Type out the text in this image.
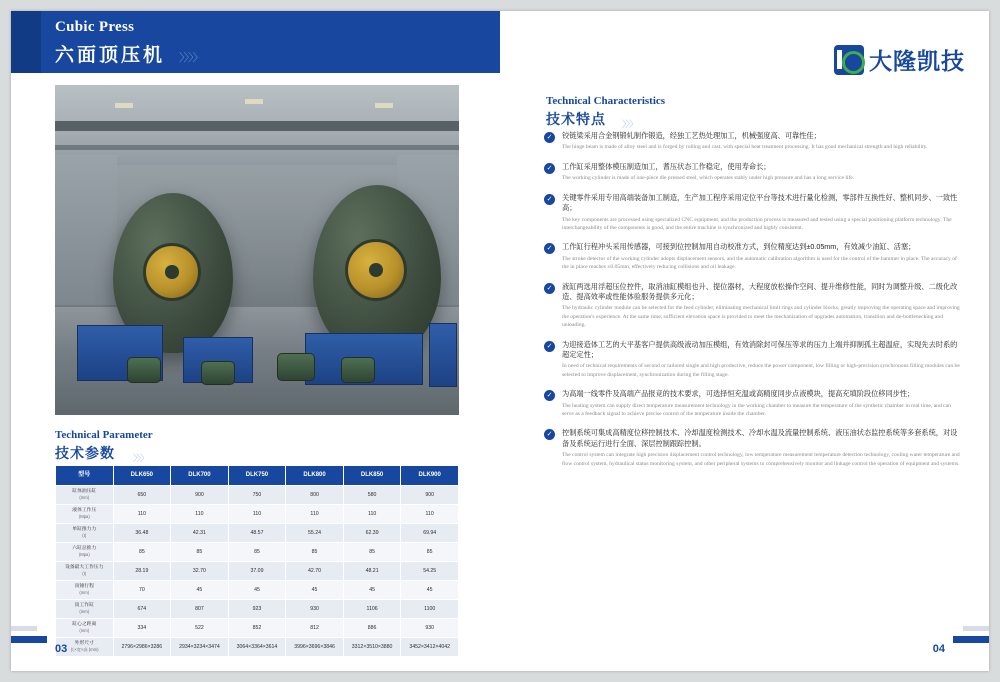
Cubic Press
六面顶压机 〉〉〉〉
Technical Parameter
技术参数 〉〉〉
型号	DLK650	DLK700	DLK750	DLK800	DLK850	DLK900

缸体油压缸
(mm)	650	900	750	800	580	900

液体工作压
(Mpa)	110	110	110	110	110	110

单缸推力力
(t)	36.48	42.31	48.57	55.24	62.39	69.94

六缸总推力
(Mpa)	85	85	85	85	85	85

设备最大工作压力
(t)	28.19	32.70	37.09	42.70	48.21	54.25

顶锤行程
(mm)	70	45	45	45	45	45

顶工作缸
(mm)	674	807	923	930	1106	1100

缸心之距离
(mm)	334	522	852	812	886	930

外形尺寸
长×宽×高 (mm)	2796×2986×3286	2934×3234×3474	3064×3364×3614	3996×3696×3846	3312×3510×3880	3452×3412×4042
03
大隆凯技
Technical Characteristics
技术特点 〉〉〉
✓	铰链梁采用合金钢锻轧制作锻造，经独工艺热处理加工，机械强度高、可靠性佳；
The hinge beam is made of alloy steel and is forged by rolling and cast, with special heat treatment processing. It has good mechanical strength and high reliability.
✓	工作缸采用整体模压制造加工，耆压状态工作稳定，使用寿命长；
The working cylinder is made of one-piece die pressed steel, which operates stably under high pressure and has a long service life.
✓	关键零件采用专用高端装备加工制造，生产加工程序采用定位平台等技术进行量化检测，零部件互换性好、整机同步、一致性高；
The key components are processed using specialized CNC equipment, and the production process is measured and tested using a special positioning platform technology. The interchangeability of the components is good, and the entire machine is synchronized and highly consistent.
✓	工作缸行程冲头采用传感器，可接到位控制加用自动校准方式，到位精度达到±0.05mm，有效减少油缸、活塞；
The stroke detector of the working cylinder adopts displacement sensors, and the automatic calibration algorithm is used for the control of the hammer in place. The accuracy of the in place reaches ±0.05mm, effectively reducing collisions and oil leakage.
✓	液缸两选用浮超压位控件，取消油缸模组也升、提位器材，大程度放松操作空间、提升维修性能，同时为调整升级、二级化改造、提高效率或性能体验服务提供多元化；
The hydraulic cylinder module can be selected for the feed cylinder, eliminating mechanical limit rings and cylinder blocks, greatly improving the operating space and improving the operation's experience. At the same time, sufficient elevation space is provided to meet the mechanization of upgrades automation, transition and de-bottlenecking and unloading.
✓	为迎接造体工艺的大平基客户提供高级液动加压模组，有效消除封可保压等求的压力上端并抑制孤主超温症，实现先去时系的超定定性；
In need of technical requirements of second or tailored single and high productive, reduce the power component, low filling or high-precision synchronous filling modules can be selected to improve displacement, synchronization during the filling stage.
✓	为高端一线零件及高端产品报竞的技术要求，可选择恒充温或高精度同步点液模块，提高充填阶段位移同步性；
The heating system can supply direct temperature measurement technology in the working chamber to measure the temperature of the synthetic chamber in real time, and can serve as a feedback signal to achieve precise control of the temperature inside the chamber.
✓	控制系统可集成高精度位移控制技术、冷却温度检测技术、冷却水温及流量控制系统、液压油状态监控系统等多套系统，对设备及系统运行进行全面、深层控制跟踪控制。
The control system can integrate high precision displacement control technology, low temperature measurement temperature detection technology, cooling water temperature and flow control system, hydraulical status monitoring system, and other peripheral systems to comprehensively monitor and linkage control the operation of equipment and systems.
04
